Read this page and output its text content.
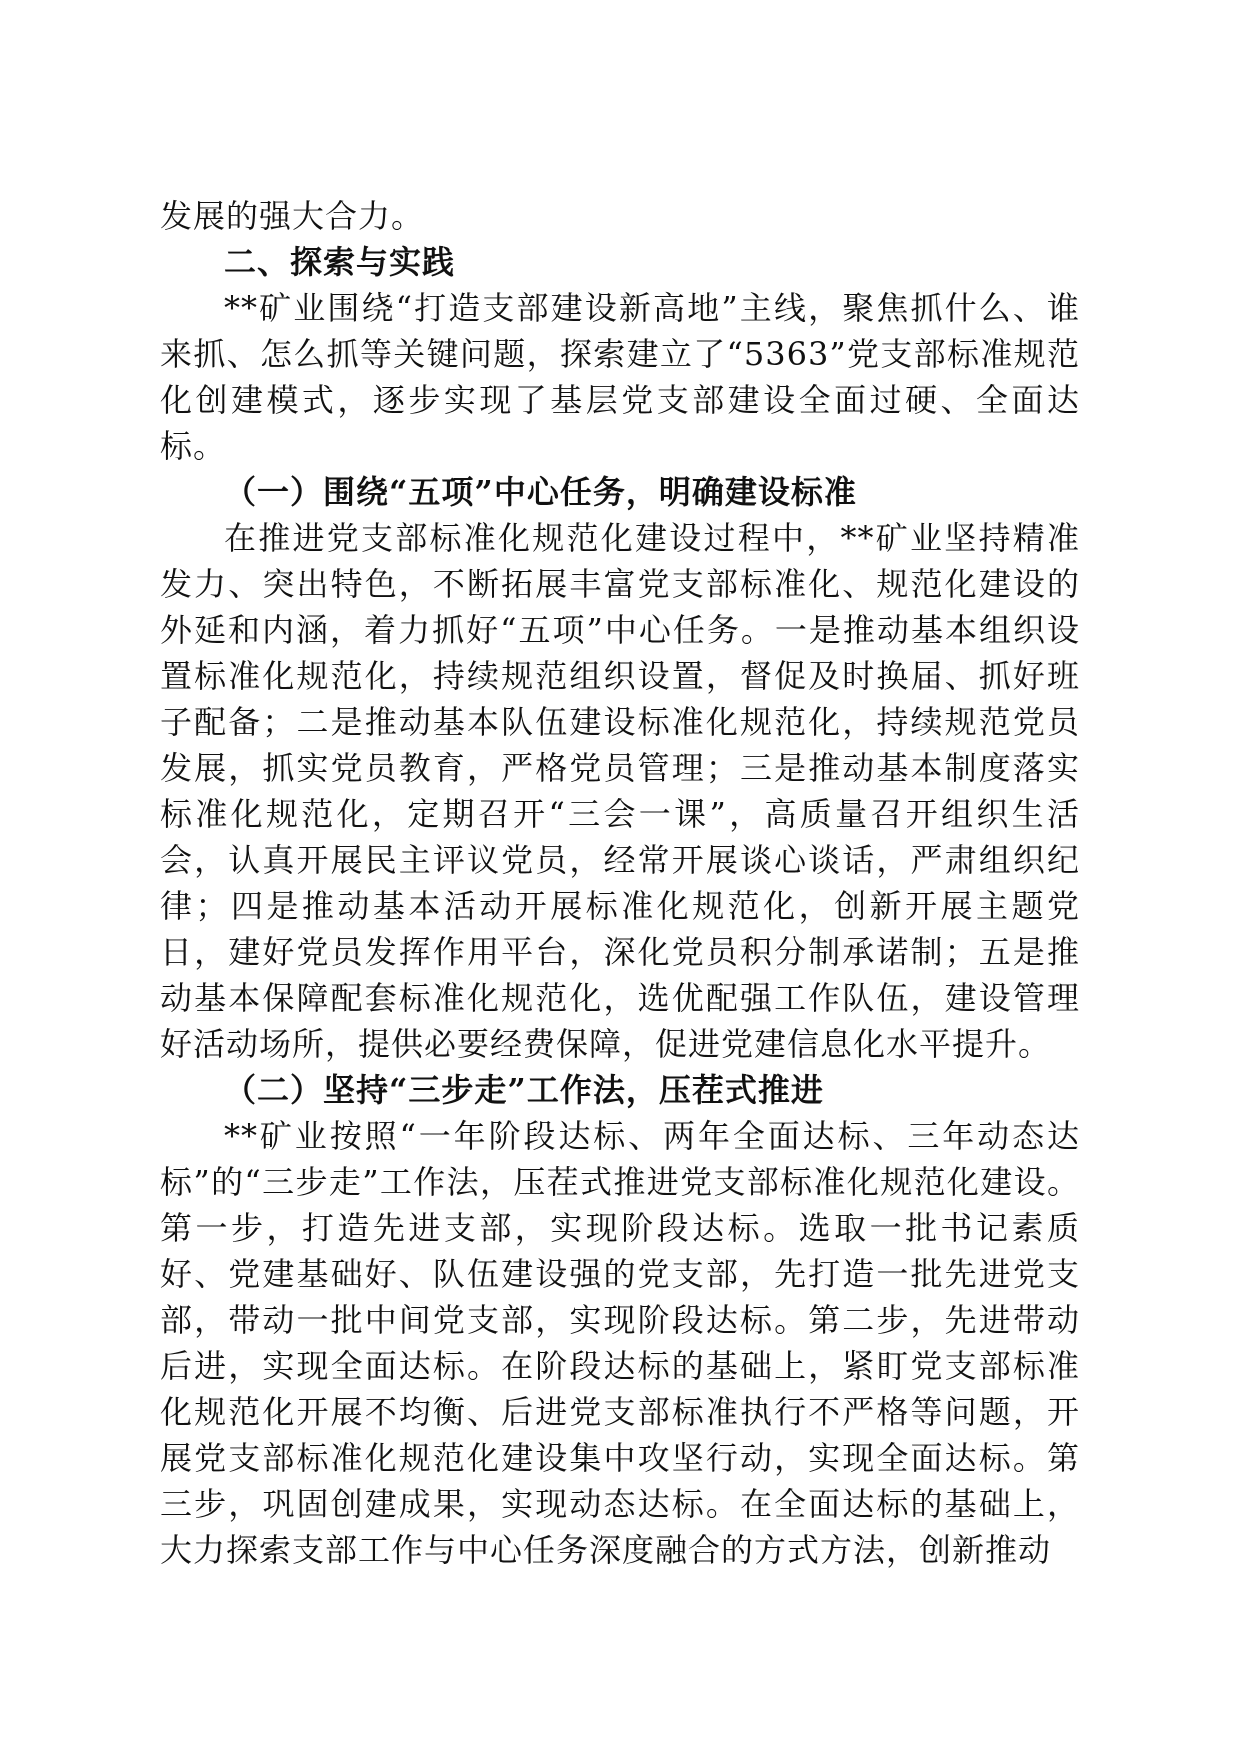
发展的强大合力。

二、探索与实践

**矿业围绕“打造支部建设新高地”主线，聚焦抓什么、谁来抓、怎么抓等关键问题，探索建立了“5363”党支部标准规范化创建模式，逐步实现了基层党支部建设全面过硬、全面达标。

（一）围绕“五项”中心任务，明确建设标准

在推进党支部标准化规范化建设过程中，**矿业坚持精准发力、突出特色，不断拓展丰富党支部标准化、规范化建设的外延和内涵，着力抓好“五项”中心任务。一是推动基本组织设置标准化规范化，持续规范组织设置，督促及时换届、抓好班子配备；二是推动基本队伍建设标准化规范化，持续规范党员发展，抓实党员教育，严格党员管理；三是推动基本制度落实标准化规范化，定期召开“三会一课”，高质量召开组织生活会，认真开展民主评议党员，经常开展谈心谈话，严肃组织纪律；四是推动基本活动开展标准化规范化，创新开展主题党日，建好党员发挥作用平台，深化党员积分制承诺制；五是推动基本保障配套标准化规范化，选优配强工作队伍，建设管理好活动场所，提供必要经费保障，促进党建信息化水平提升。

（二）坚持“三步走”工作法，压茬式推进

**矿业按照“一年阶段达标、两年全面达标、三年动态达标”的“三步走”工作法，压茬式推进党支部标准化规范化建设。第一步，打造先进支部，实现阶段达标。选取一批书记素质好、党建基础好、队伍建设强的党支部，先打造一批先进党支部，带动一批中间党支部，实现阶段达标。第二步，先进带动后进，实现全面达标。在阶段达标的基础上，紧盯党支部标准化规范化开展不均衡、后进党支部标准执行不严格等问题，开展党支部标准化规范化建设集中攻坚行动，实现全面达标。第三步，巩固创建成果，实现动态达标。在全面达标的基础上，大力探索支部工作与中心任务深度融合的方式方法，创新推动
